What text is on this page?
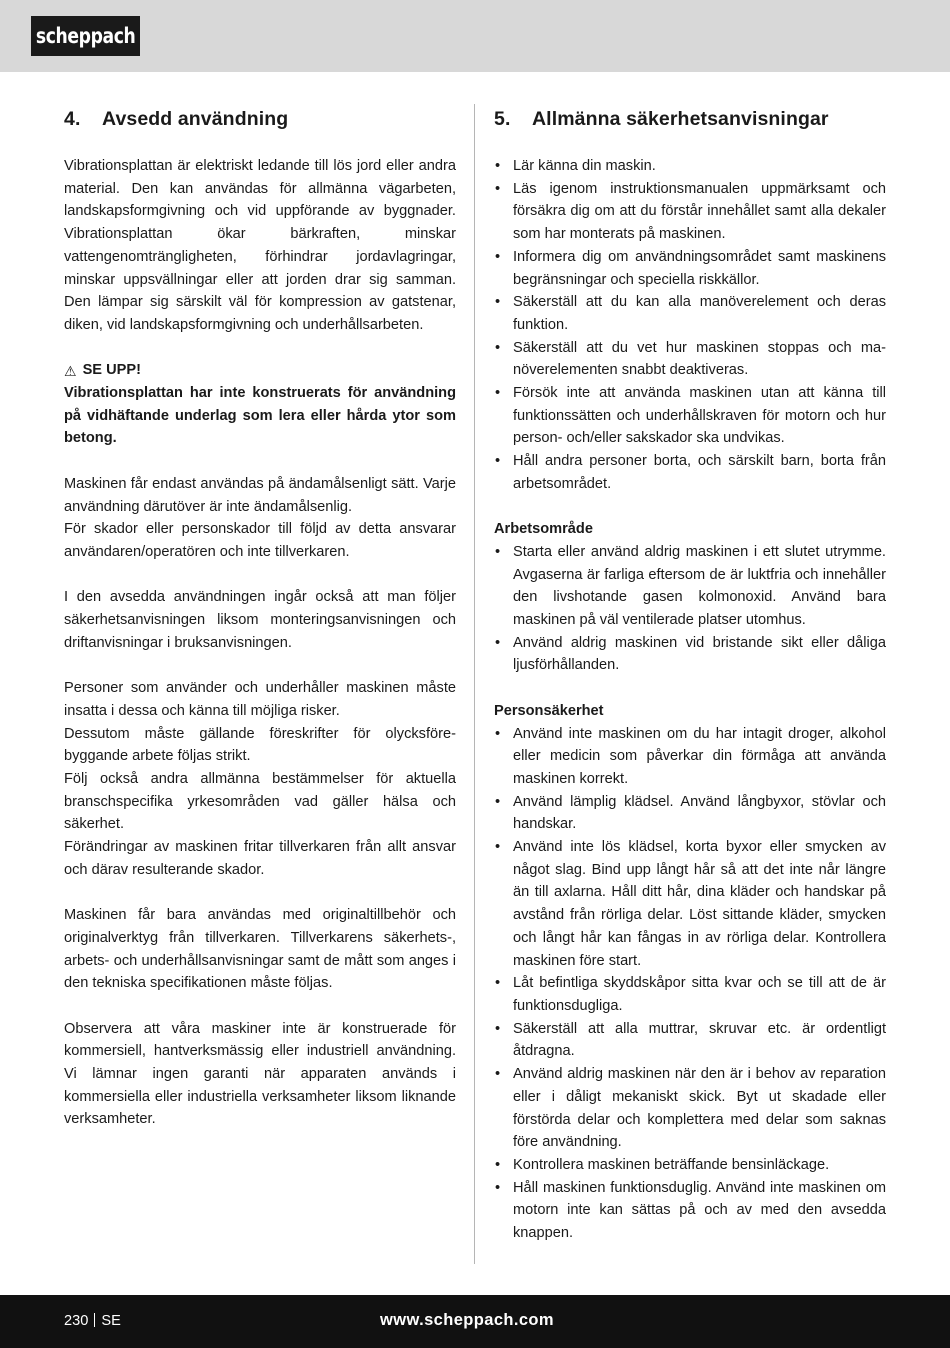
scheppach
4. Avsedd användning

Vibrationsplattan är elektriskt ledande till lös jord eller andra material. Den kan användas för allmänna vägarbeten, landskapsformgivning och vid uppförande av byggnader. Vibrationsplattan ökar bärkraften, minskar vattengenomträngligheten, förhindrar jordavlagringar, minskar uppsvällningar eller att jorden drar sig samman. Den lämpar sig särskilt väl för kompression av gatstenar, diken, vid landskapsformgivning och underhållsarbeten.

⚠ SE UPP!

Vibrationsplattan har inte konstruerats för användning på vidhäftande underlag som lera eller hårda ytor som betong.

Maskinen får endast användas på ändamålsenligt sätt. Varje användning därutöver är inte ändamålsenlig.

För skador eller personskador till följd av detta ansvarar användaren/operatören och inte tillverkaren.

I den avsedda användningen ingår också att man följer säkerhetsanvisningen liksom monteringsanvisningen och driftanvisningar i bruksanvisningen.

Personer som använder och underhåller maskinen måste insatta i dessa och känna till möjliga risker.

Dessutom måste gällande föreskrifter för olycksförebyggande arbete följas strikt.

Följ också andra allmänna bestämmelser för aktuella branschspecifika yrkesområden vad gäller hälsa och säkerhet.

Förändringar av maskinen fritar tillverkaren från allt ansvar och därav resulterande skador.

Maskinen får bara användas med originaltillbehör och originalverktyg från tillverkaren. Tillverkarens säkerhets-, arbets- och underhållsanvisningar samt de mått som anges i den tekniska specifikationen måste följas.

Observera att våra maskiner inte är konstruerade för kommersiell, hantverksmässig eller industriell användning. Vi lämnar ingen garanti när apparaten används i kommersiella eller industriella verksamheter liksom liknande verksamheter.

5. Allmänna säkerhetsanvisningar
• Lär känna din maskin.
• Läs igenom instruktionsmanualen uppmärksamt och försäkra dig om att du förstår innehållet samt alla dekaler som har monterats på maskinen.
• Informera dig om användningsområdet samt maskinens begränsningar och speciella riskkällor.
• Säkerställ att du kan alla manöverelement och deras funktion.
• Säkerställ att du vet hur maskinen stoppas och manöverelementen snabbt deaktiveras.
• Försök inte att använda maskinen utan att känna till funktionssätten och underhållskraven för motorn och hur person- och/eller sakskador ska undvikas.
• Håll andra personer borta, och särskilt barn, borta från arbetsområdet.

Arbetsområde

• Starta eller använd aldrig maskinen i ett slutet utrymme. Avgaserna är farliga eftersom de är luktfria och innehåller den livshotande gasen kolmonoxid. Använd bara maskinen på väl ventilerade platser utomhus.
• Använd aldrig maskinen vid bristande sikt eller dåliga ljusförhållanden.

Personsäkerhet

• Använd inte maskinen om du har intagit droger, alkohol eller medicin som påverkar din förmåga att använda maskinen korrekt.
• Använd lämplig klädsel. Använd långbyxor, stövlar och handskar.
• Använd inte lös klädsel, korta byxor eller smycken av något slag. Bind upp långt hår så att det inte når längre än till axlarna. Håll ditt hår, dina kläder och handskar på avstånd från rörliga delar. Löst sittande kläder, smycken och långt hår kan fångas in av rörliga delar. Kontrollera maskinen före start.
• Låt befintliga skyddskåpor sitta kvar och se till att de är funktionsdugliga.
• Säkerställ att alla muttrar, skruvar etc. är ordentligt åtdragna.
• Använd aldrig maskinen när den är i behov av reparation eller i dåligt mekaniskt skick. Byt ut skadade eller förstörda delar och komplettera med delar som saknas före användning.
• Kontrollera maskinen beträffande bensinläckage.
• Håll maskinen funktionsduglig. Använd inte maskinen om motorn inte kan sättas på och av med den avsedda knappen.
230 SE	www.scheppach.com
